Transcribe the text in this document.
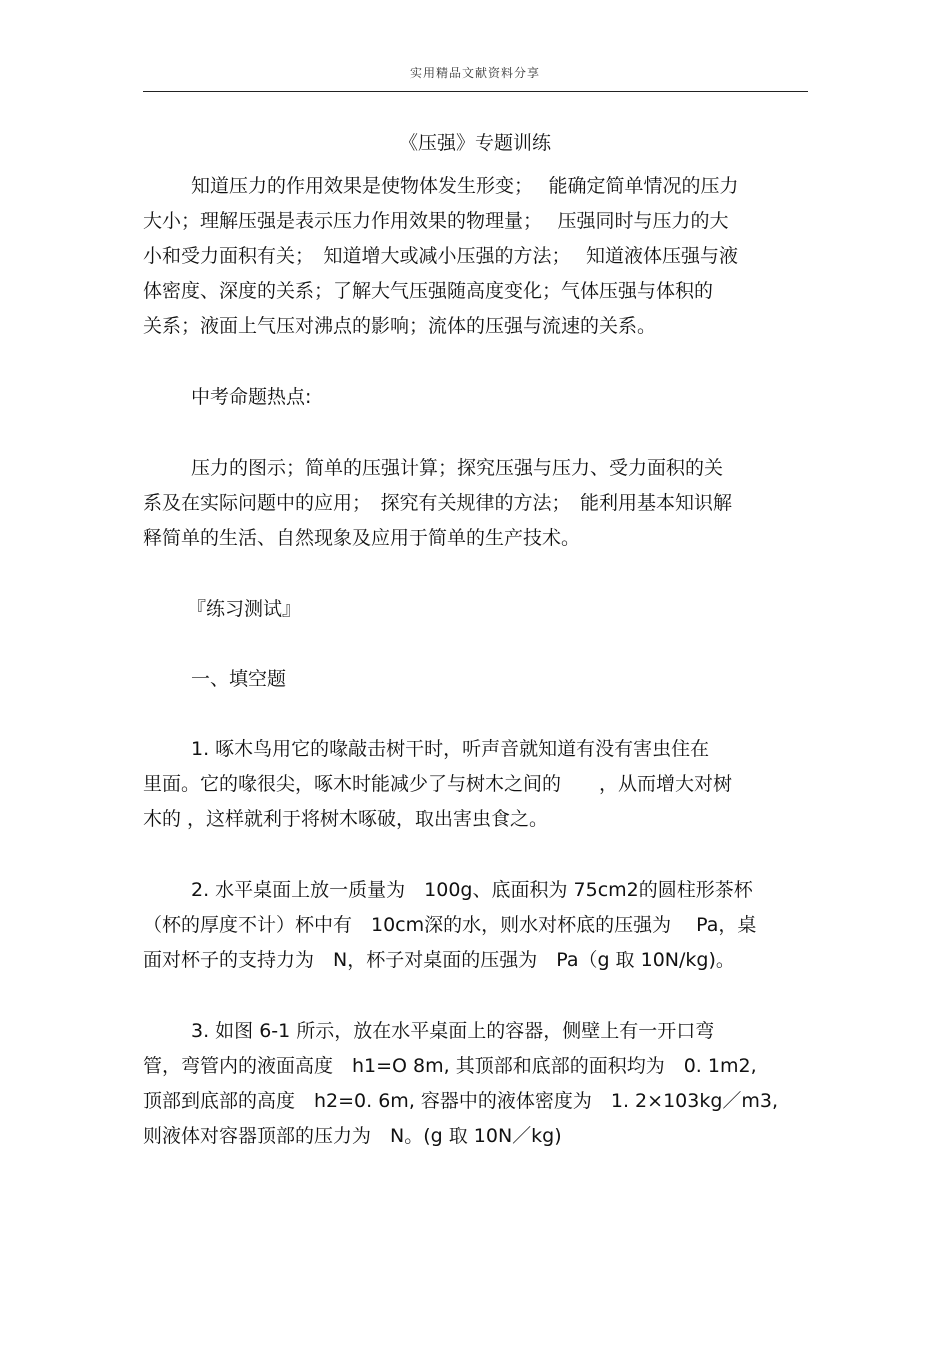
实用精品文献资料分享
《压强》专题训练
知道压力的作用效果是使物体发生形变；　 能确定简单情况的压力
大小；理解压强是表示压力作用效果的物理量；　 压强同时与压力的大
小和受力面积有关；　知道增大或减小压强的方法；　 知道液体压强与液
体密度、深度的关系；了解大气压强随高度变化；气体压强与体积的
关系；液面上气压对沸点的影响；流体的压强与流速的关系。
中考命题热点:
压力的图示；简单的压强计算；探究压强与压力、受力面积的关
系及在实际问题中的应用；　探究有关规律的方法；　能利用基本知识解
释简单的生活、自然现象及应用于简单的生产技术。
『练习测试』
一、填空题
1. 啄木鸟用它的喙敲击树干时，听声音就知道有没有害虫住在
里面。它的喙很尖，啄木时能减少了与树木之间的　　，从而增大对树
木的 ，这样就利于将树木啄破，取出害虫食之。
2. 水平桌面上放一质量为　100g、底面积为 75cm2的圆柱形茶杯
（杯的厚度不计）杯中有　10cm深的水，则水对杯底的压强为　 Pa，桌
面对杯子的支持力为　N，杯子对桌面的压强为　Pa（g 取 10N/kg)。
3. 如图 6-1 所示，放在水平桌面上的容器，侧壁上有一开口弯
管，弯管内的液面高度　h1=O 8m, 其顶部和底部的面积均为　0. 1m2,
顶部到底部的高度　h2=0. 6m, 容器中的液体密度为　1. 2×103kg／m3,
则液体对容器顶部的压力为　N。(g 取 10N／kg)
